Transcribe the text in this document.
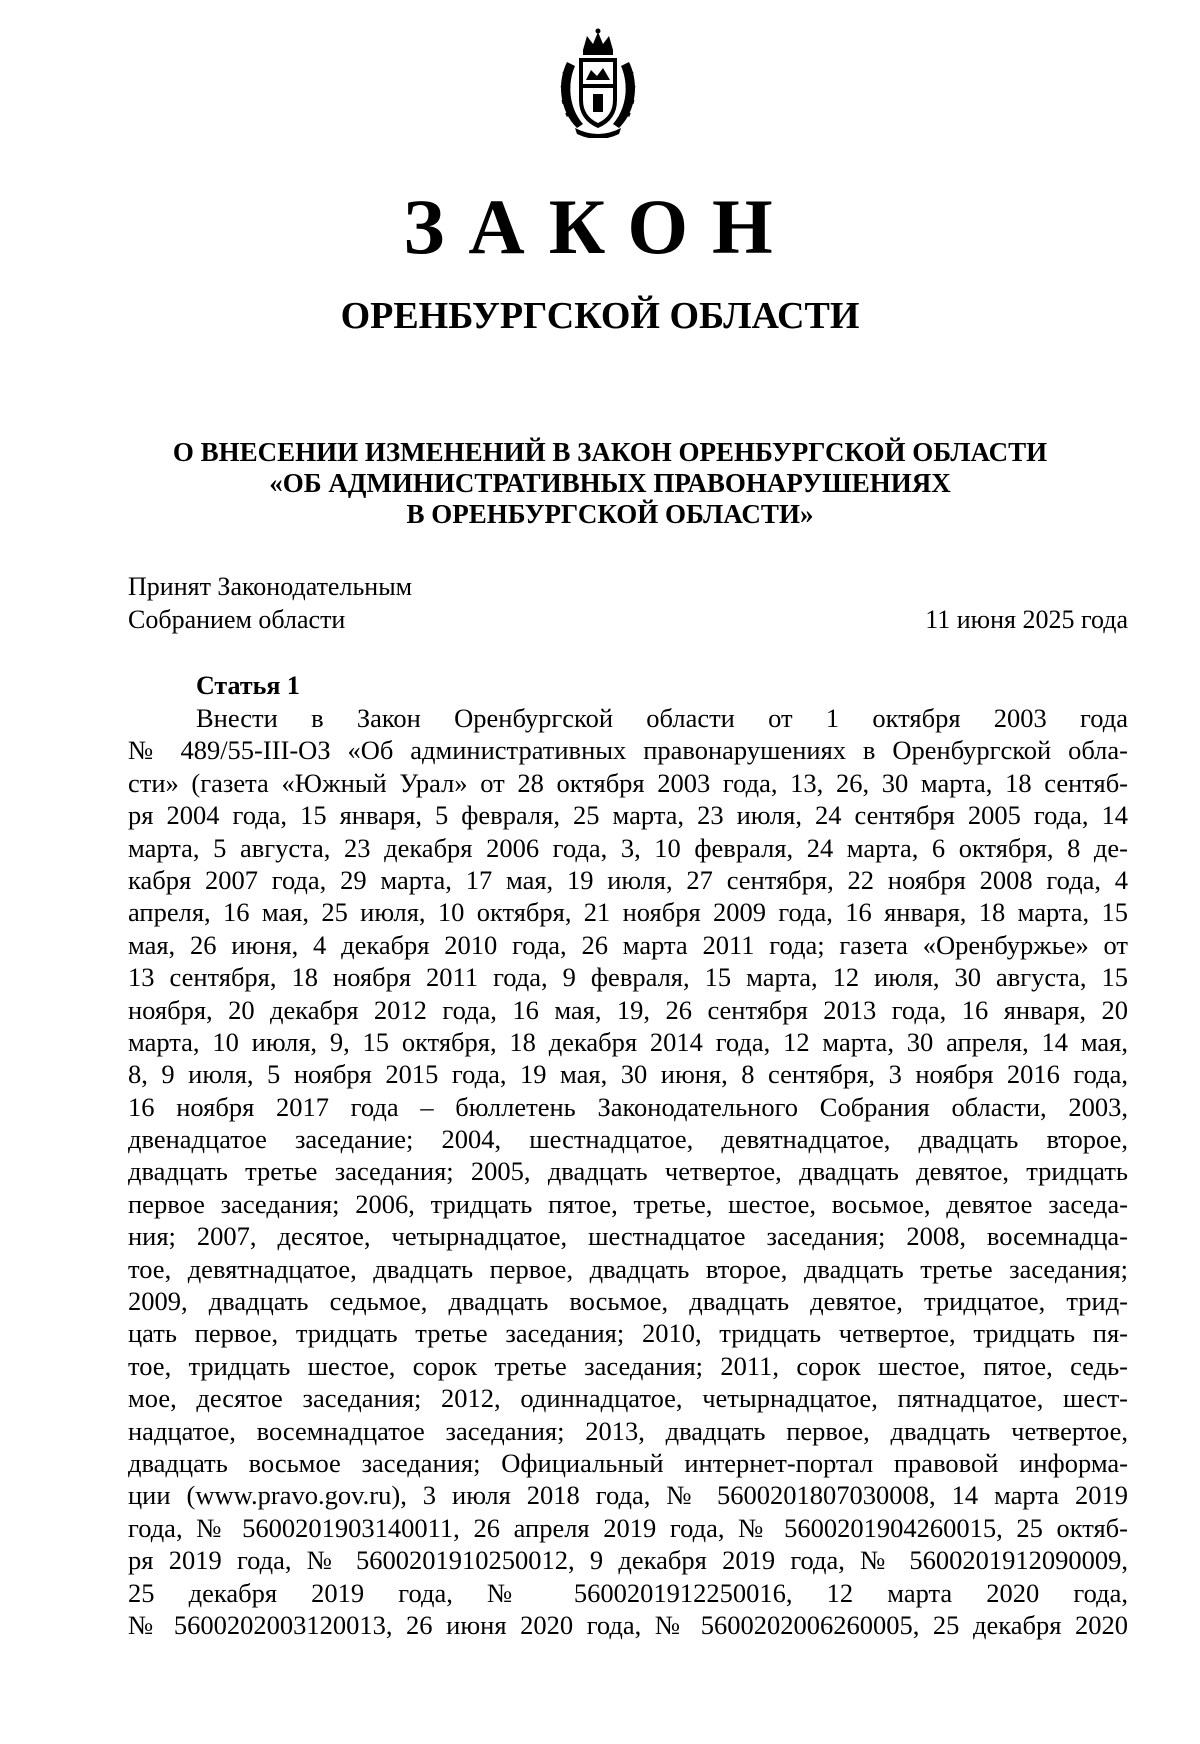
ЗАКОН
ОРЕНБУРГСКОЙ ОБЛАСТИ
О ВНЕСЕНИИ ИЗМЕНЕНИЙ В ЗАКОН ОРЕНБУРГСКОЙ ОБЛАСТИ
«ОБ АДМИНИСТРАТИВНЫХ ПРАВОНАРУШЕНИЯХ
В ОРЕНБУРГСКОЙ ОБЛАСТИ»
Принят Законодательным
Собранием области	11 июня 2025 года
Статья 1
Внести в Закон Оренбургской области от 1 октября 2003 года
№ 489/55-III-ОЗ «Об административных правонарушениях в Оренбургской обла-
сти» (газета «Южный Урал» от 28 октября 2003 года, 13, 26, 30 марта, 18 сентяб-
ря 2004 года, 15 января, 5 февраля, 25 марта, 23 июля, 24 сентября 2005 года, 14
марта, 5 августа, 23 декабря 2006 года, 3, 10 февраля, 24 марта, 6 октября, 8 де-
кабря 2007 года, 29 марта, 17 мая, 19 июля, 27 сентября, 22 ноября 2008 года, 4
апреля, 16 мая, 25 июля, 10 октября, 21 ноября 2009 года, 16 января, 18 марта, 15
мая, 26 июня, 4 декабря 2010 года, 26 марта 2011 года; газета «Оренбуржье» от
13 сентября, 18 ноября 2011 года, 9 февраля, 15 марта, 12 июля, 30 августа, 15
ноября, 20 декабря 2012 года, 16 мая, 19, 26 сентября 2013 года, 16 января, 20
марта, 10 июля, 9, 15 октября, 18 декабря 2014 года, 12 марта, 30 апреля, 14 мая,
8, 9 июля, 5 ноября 2015 года, 19 мая, 30 июня, 8 сентября, 3 ноября 2016 года,
16 ноября 2017 года – бюллетень Законодательного Собрания области, 2003,
двенадцатое заседание; 2004, шестнадцатое, девятнадцатое, двадцать второе,
двадцать третье заседания; 2005, двадцать четвертое, двадцать девятое, тридцать
первое заседания; 2006, тридцать пятое, третье, шестое, восьмое, девятое заседа-
ния; 2007, десятое, четырнадцатое, шестнадцатое заседания; 2008, восемнадца-
тое, девятнадцатое, двадцать первое, двадцать второе, двадцать третье заседания;
2009, двадцать седьмое, двадцать восьмое, двадцать девятое, тридцатое, трид-
цать первое, тридцать третье заседания; 2010, тридцать четвертое, тридцать пя-
тое, тридцать шестое, сорок третье заседания; 2011, сорок шестое, пятое, седь-
мое, десятое заседания; 2012, одиннадцатое, четырнадцатое, пятнадцатое, шест-
надцатое, восемнадцатое заседания; 2013, двадцать первое, двадцать четвертое,
двадцать восьмое заседания; Официальный интернет-портал правовой информа-
ции (www.pravo.gov.ru), 3 июля 2018 года, № 5600201807030008, 14 марта 2019
года, № 5600201903140011, 26 апреля 2019 года, № 5600201904260015, 25 октяб-
ря 2019 года, № 5600201910250012, 9 декабря 2019 года, № 5600201912090009,
25 декабря 2019 года, № 5600201912250016, 12 марта 2020 года,
№ 5600202003120013, 26 июня 2020 года, № 5600202006260005, 25 декабря 2020
